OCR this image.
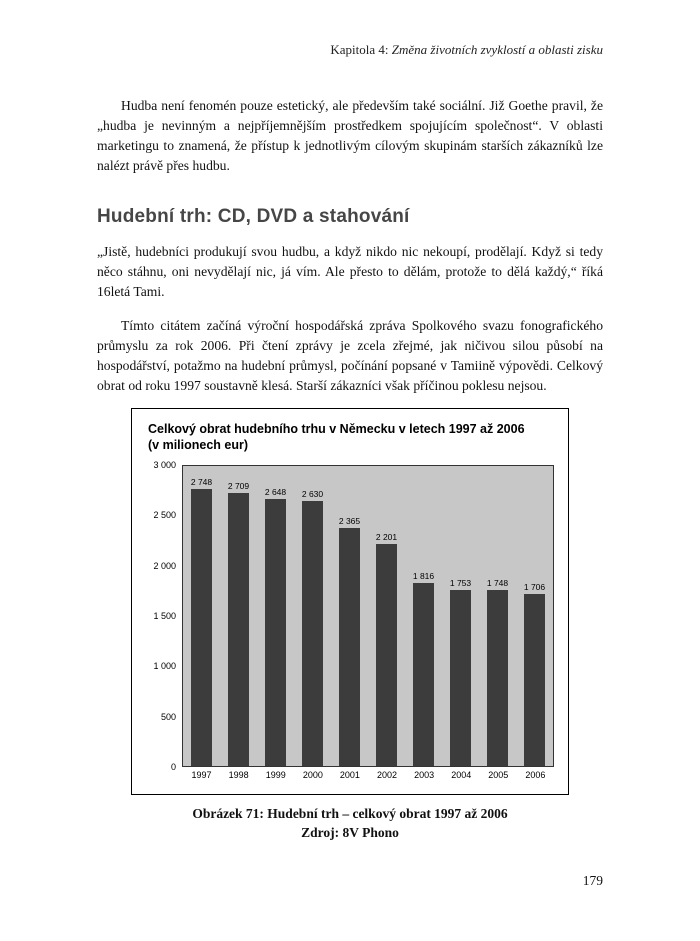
Kapitola 4: Změna životních zvyklostí a oblasti zisku

Hudba není fenomén pouze estetický, ale především také sociální. Již Goethe pravil, že „hudba je nevinným a nejpříjemnějším prostředkem spojujícím společnost“. V oblasti marketingu to znamená, že přístup k jednotlivým cílovým skupinám starších zákazníků lze nalézt právě přes hudbu.

Hudební trh: CD, DVD a stahování

„Jistě, hudebníci produkují svou hudbu, a když nikdo nic nekoupí, prodělají. Když si tedy něco stáhnu, oni nevydělají nic, já vím. Ale přesto to dělám, protože to dělá každý,“ říká 16letá Tami.

Tímto citátem začíná výroční hospodářská zpráva Spolkového svazu fonografického průmyslu za rok 2006. Při čtení zprávy je zcela zřejmé, jak ničivou silou působí na hospodářství, potažmo na hudební průmysl, počínání popsané v Tamiině výpovědi. Celkový obrat od roku 1997 soustavně klesá. Starší zákazníci však příčinou poklesu nejsou.

Celkový obrat hudebního trhu v Německu v letech 1997 až 2006
(v milionech eur)
0
500
1 000
1 500
2 000
2 500
3 000
2 748 2 709
2 648 2 630
2 365
2 201
1 816
1 753 1 748 1 706
1997	1998	1999	2000	2001	2002	2003	2004	2005	2006
Obrázek 71: Hudební trh – celkový obrat 1997 až 2006
Zdroj: 8V Phono
179
